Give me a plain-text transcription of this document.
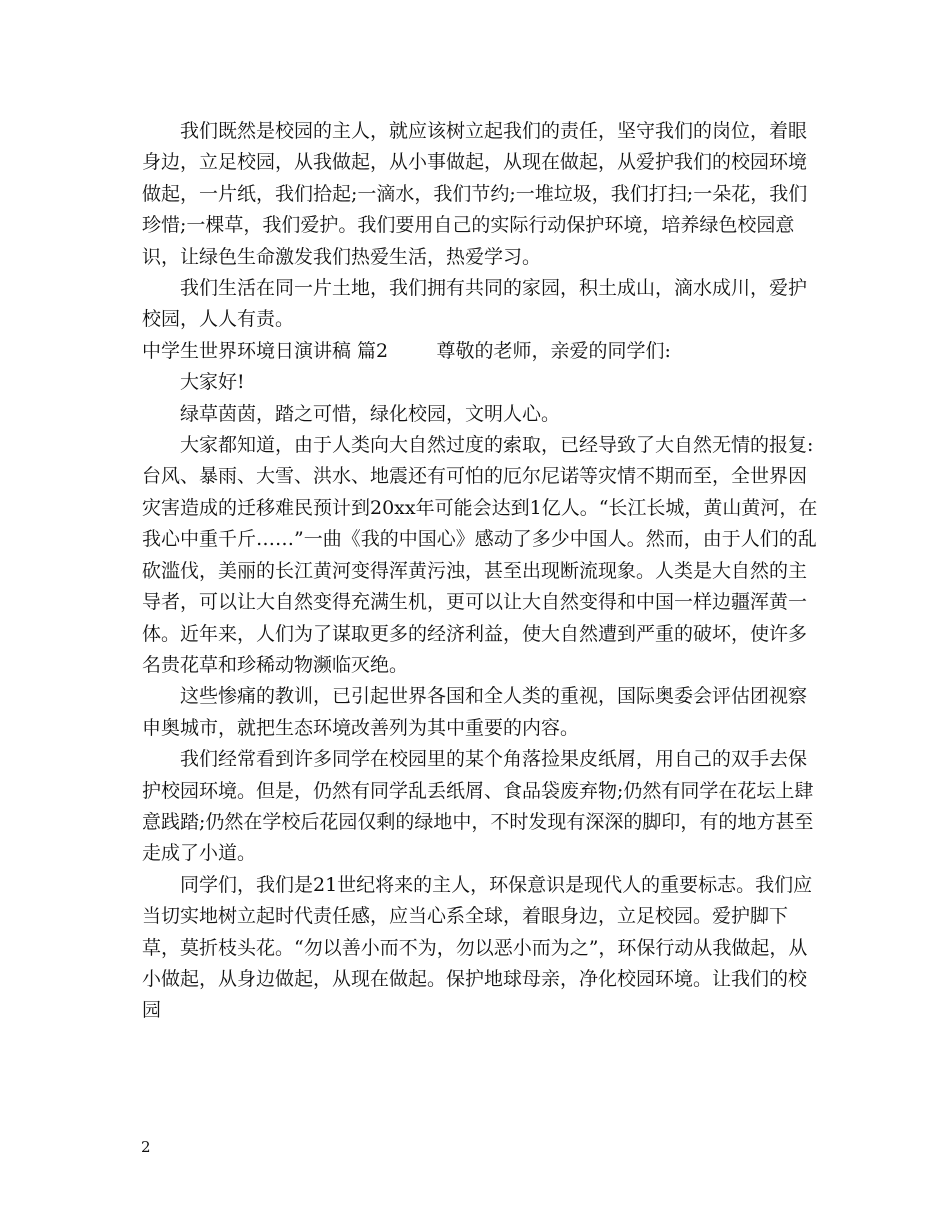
我们既然是校园的主人，就应该树立起我们的责任，坚守我们的岗位，着眼身边，立足校园，从我做起，从小事做起，从现在做起，从爱护我们的校园环境做起，一片纸，我们拾起;一滴水，我们节约;一堆垃圾，我们打扫;一朵花，我们珍惜;一棵草，我们爱护。我们要用自己的实际行动保护环境，培养绿色校园意识，让绿色生命激发我们热爱生活，热爱学习。

我们生活在同一片土地，我们拥有共同的家园，积土成山，滴水成川，爱护校园，人人有责。

中学生世界环境日演讲稿 篇2        尊敬的老师，亲爱的同学们:

大家好!

绿草茵茵，踏之可惜，绿化校园，文明人心。

大家都知道，由于人类向大自然过度的索取，已经导致了大自然无情的报复:台风、暴雨、大雪、洪水、地震还有可怕的厄尔尼诺等灾情不期而至，全世界因灾害造成的迁移难民预计到20xx年可能会达到1亿人。“长江长城，黄山黄河，在我心中重千斤……”一曲《我的中国心》感动了多少中国人。然而，由于人们的乱砍滥伐，美丽的长江黄河变得浑黄污浊，甚至出现断流现象。人类是大自然的主导者，可以让大自然变得充满生机，更可以让大自然变得和中国一样边疆浑黄一体。近年来，人们为了谋取更多的经济利益，使大自然遭到严重的破坏，使许多名贵花草和珍稀动物濒临灭绝。

这些惨痛的教训，已引起世界各国和全人类的重视，国际奥委会评估团视察申奥城市，就把生态环境改善列为其中重要的内容。

我们经常看到许多同学在校园里的某个角落捡果皮纸屑，用自己的双手去保护校园环境。但是，仍然有同学乱丢纸屑、食品袋废弃物;仍然有同学在花坛上肆意践踏;仍然在学校后花园仅剩的绿地中，不时发现有深深的脚印，有的地方甚至走成了小道。

同学们，我们是21世纪将来的主人，环保意识是现代人的重要标志。我们应当切实地树立起时代责任感，应当心系全球，着眼身边，立足校园。爱护脚下草，莫折枝头花。“勿以善小而不为，勿以恶小而为之”，环保行动从我做起，从小做起，从身边做起，从现在做起。保护地球母亲，净化校园环境。让我们的校园

2
